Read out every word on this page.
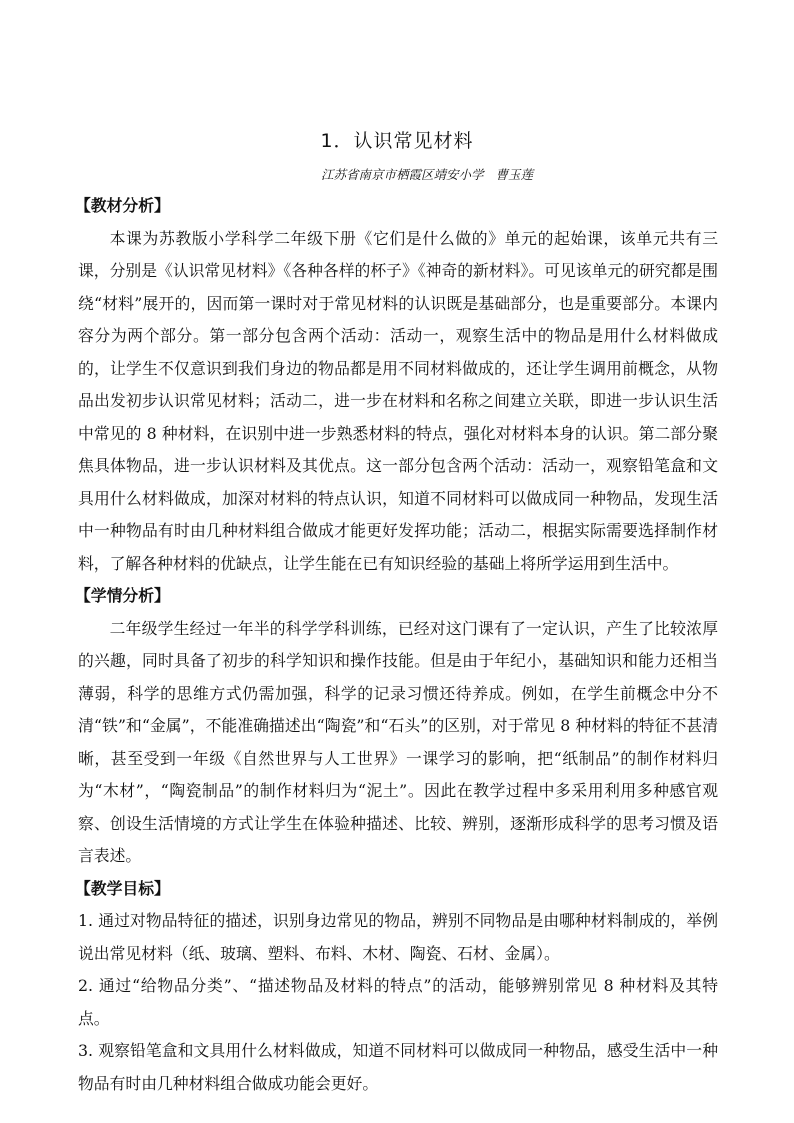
1．认识常见材料
江苏省南京市栖霞区靖安小学 曹玉莲

【教材分析】

本课为苏教版小学科学二年级下册《它们是什么做的》单元的起始课，该单元共有三课，分别是《认识常见材料》《各种各样的杯子》《神奇的新材料》。可见该单元的研究都是围绕“材料”展开的，因而第一课时对于常见材料的认识既是基础部分，也是重要部分。本课内容分为两个部分。第一部分包含两个活动：活动一，观察生活中的物品是用什么材料做成的，让学生不仅意识到我们身边的物品都是用不同材料做成的，还让学生调用前概念，从物品出发初步认识常见材料；活动二，进一步在材料和名称之间建立关联，即进一步认识生活中常见的 8 种材料，在识别中进一步熟悉材料的特点，强化对材料本身的认识。第二部分聚焦具体物品，进一步认识材料及其优点。这一部分包含两个活动：活动一，观察铅笔盒和文具用什么材料做成，加深对材料的特点认识，知道不同材料可以做成同一种物品，发现生活中一种物品有时由几种材料组合做成才能更好发挥功能；活动二，根据实际需要选择制作材料，了解各种材料的优缺点，让学生能在已有知识经验的基础上将所学运用到生活中。

【学情分析】

二年级学生经过一年半的科学学科训练，已经对这门课有了一定认识，产生了比较浓厚的兴趣，同时具备了初步的科学知识和操作技能。但是由于年纪小，基础知识和能力还相当薄弱，科学的思维方式仍需加强，科学的记录习惯还待养成。例如，在学生前概念中分不清“铁”和“金属”，不能准确描述出“陶瓷”和“石头”的区别，对于常见 8 种材料的特征不甚清晰，甚至受到一年级《自然世界与人工世界》一课学习的影响，把“纸制品”的制作材料归为“木材”，“陶瓷制品”的制作材料归为“泥土”。因此在教学过程中多采用利用多种感官观察、创设生活情境的方式让学生在体验种描述、比较、辨别，逐渐形成科学的思考习惯及语言表述。

【教学目标】

1. 通过对物品特征的描述，识别身边常见的物品，辨别不同物品是由哪种材料制成的，举例说出常见材料（纸、玻璃、塑料、布料、木材、陶瓷、石材、金属）。

2. 通过“给物品分类”、“描述物品及材料的特点”的活动，能够辨别常见 8 种材料及其特点。

3. 观察铅笔盒和文具用什么材料做成，知道不同材料可以做成同一种物品，感受生活中一种物品有时由几种材料组合做成功能会更好。
